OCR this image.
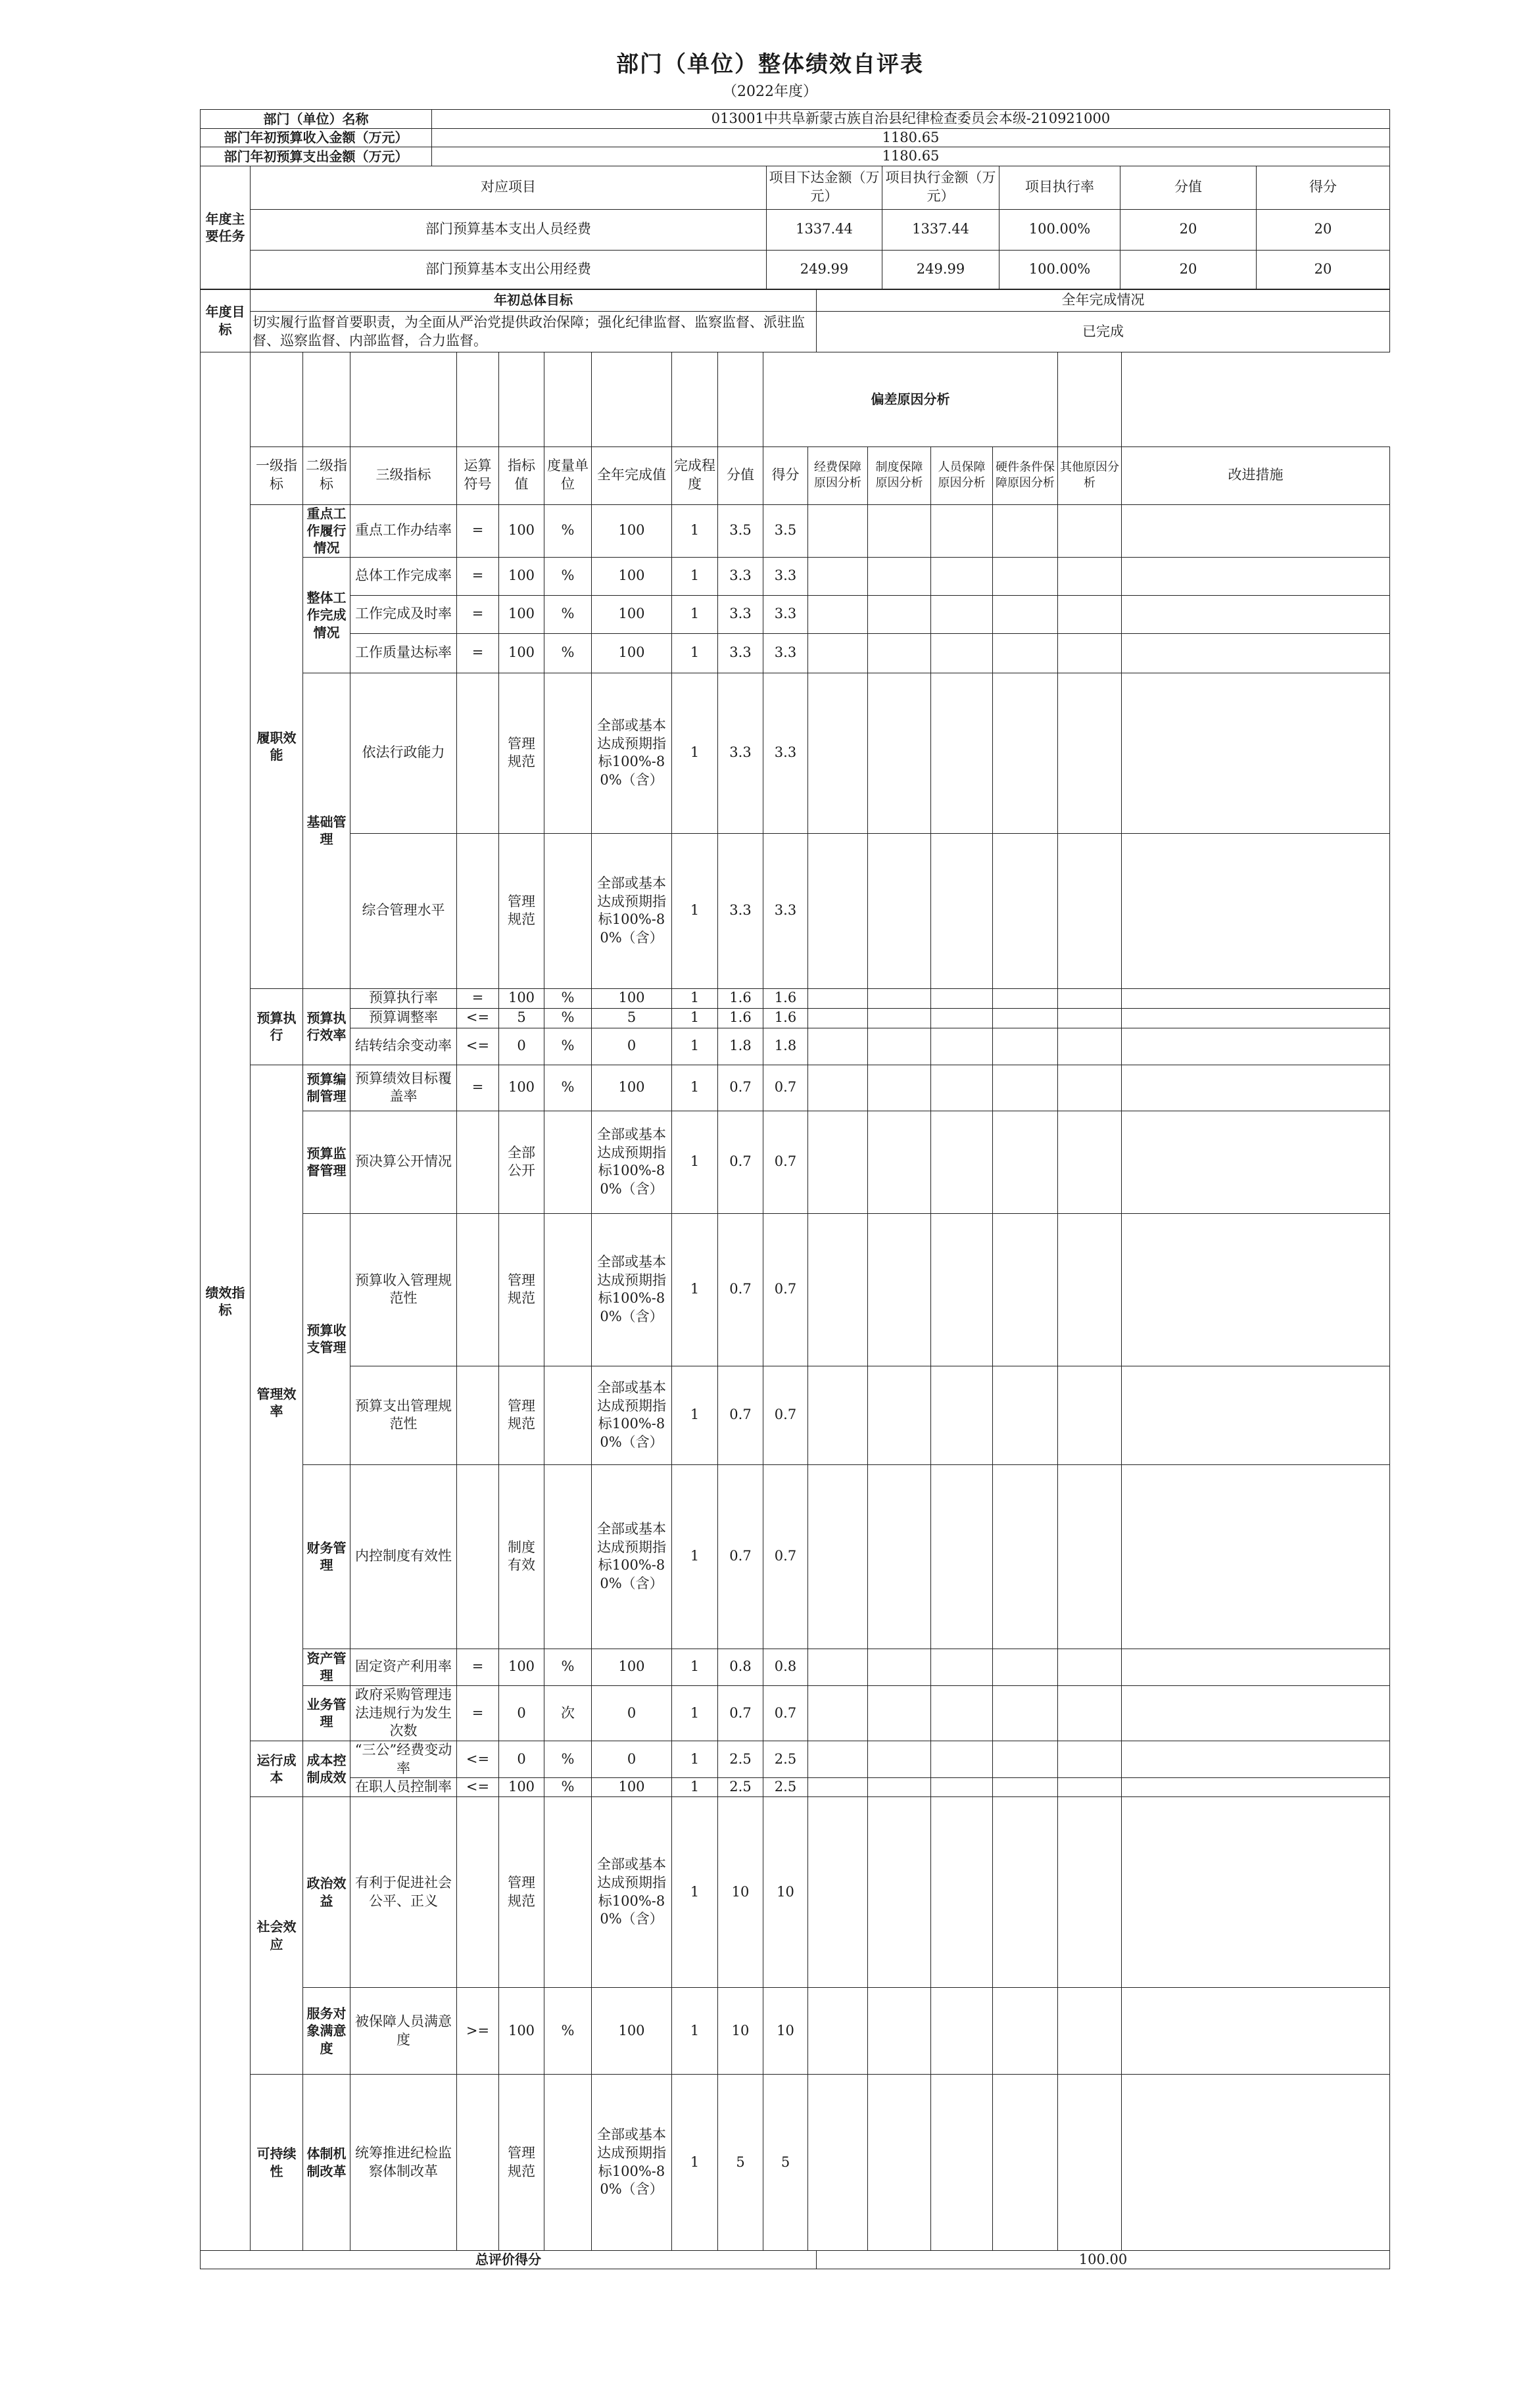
部门（单位）整体绩效自评表
（2022年度）
部门（单位）名称	013001中共阜新蒙古族自治县纪律检查委员会本级-210921000
部门年初预算收入金额（万元）	1180.65
部门年初预算支出金额（万元）	1180.65
年度主要任务	对应项目	项目下达金额（万元）	项目执行金额（万元）	项目执行率	分值	得分
	部门预算基本支出人员经费	1337.44	1337.44	100.00%	20	20
	部门预算基本支出公用经费	249.99	249.99	100.00%	20	20
年度目标	年初总体目标	全年完成情况
	切实履行监督首要职责，为全面从严治党提供政治保障；强化纪律监督、监察监督、派驻监督、巡察监督、内部监督，合力监督。	已完成
绩效指标										偏差原因分析						
	一级指标	二级指标	三级指标	运算符号	指标值	度量单位	全年完成值	完成程度	分值	得分	经费保障原因分析	制度保障原因分析	人员保障原因分析	硬件条件保障原因分析	其他原因分析	改进措施
	履职效能	重点工作履行情况	重点工作办结率	=	100	%	100	1	3.5	3.5						
		整体工作完成情况	总体工作完成率	=	100	%	100	1	3.3	3.3						
			工作完成及时率	=	100	%	100	1	3.3	3.3						
			工作质量达标率	=	100	%	100	1	3.3	3.3						
		基础管理	依法行政能力		管理规范		全部或基本达成预期指标100%-80%（含）	1	3.3	3.3						
			综合管理水平		管理规范		全部或基本达成预期指标100%-80%（含）	1	3.3	3.3						
	预算执行	预算执行效率	预算执行率	=	100	%	100	1	1.6	1.6						
			预算调整率	<=	5	%	5	1	1.6	1.6						
			结转结余变动率	<=	0	%	0	1	1.8	1.8						
	管理效率	预算编制管理	预算绩效目标覆盖率	=	100	%	100	1	0.7	0.7						
		预算监督管理	预决算公开情况		全部公开		全部或基本达成预期指标100%-80%（含）	1	0.7	0.7						
		预算收支管理	预算收入管理规范性		管理规范		全部或基本达成预期指标100%-80%（含）	1	0.7	0.7						
			预算支出管理规范性		管理规范		全部或基本达成预期指标100%-80%（含）	1	0.7	0.7						
		财务管理	内控制度有效性		制度有效		全部或基本达成预期指标100%-80%（含）	1	0.7	0.7						
		资产管理	固定资产利用率	=	100	%	100	1	0.8	0.8						
		业务管理	政府采购管理违法违规行为发生次数	=	0	次	0	1	0.7	0.7						
	运行成本	成本控制成效	“三公”经费变动率	<=	0	%	0	1	2.5	2.5						
			在职人员控制率	<=	100	%	100	1	2.5	2.5						
	社会效应	政治效益	有利于促进社会公平、正义		管理规范		全部或基本达成预期指标100%-80%（含）	1	10	10						
		服务对象满意度	被保障人员满意度	>=	100	%	100	1	10	10						
	可持续性	体制机制改革	统筹推进纪检监察体制改革		管理规范		全部或基本达成预期指标100%-80%（含）	1	5	5						
总评价得分	100.00
